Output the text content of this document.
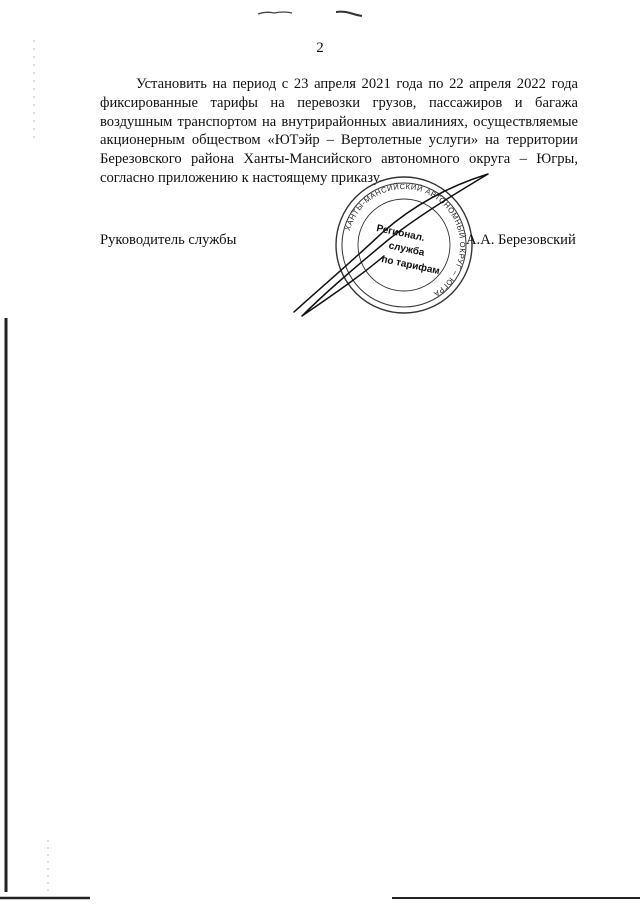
2

Установить на период с 23 апреля 2021 года по 22 апреля 2022 года фиксированные тарифы на перевозки грузов, пассажиров и багажа воздушным транспортом на внутрирайонных авиалиниях, осуществляемые акционерным обществом «ЮТэйр – Вертолетные услуги» на территории Березовского района Ханты-Мансийского автономного округа – Югры, согласно приложению к настоящему приказу.

Руководитель службы
ХАНТЫ-МАНСИЙСКИЙ АВТОНОМНЫЙ ОКРУГ – ЮГРА
Регионал.
служба
по тарифам
А.А. Березовский
